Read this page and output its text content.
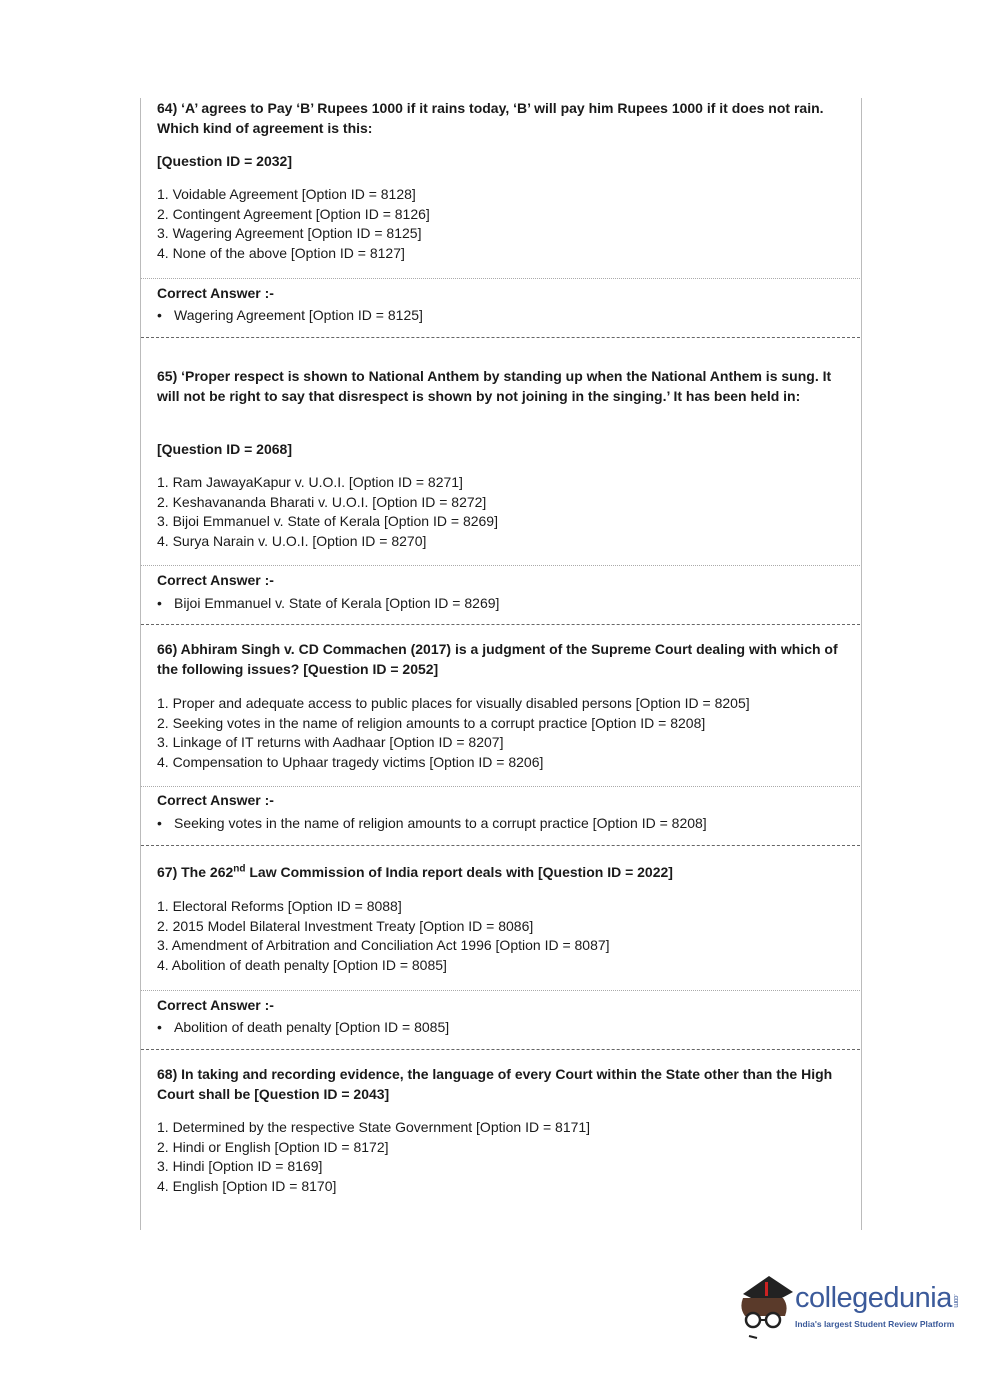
64) ‘A’ agrees to Pay ‘B’ Rupees 1000 if it rains today, ‘B’ will pay him Rupees 1000 if it does not rain. Which kind of agreement is this:
[Question ID = 2032]
1. Voidable Agreement [Option ID = 8128]
2. Contingent Agreement [Option ID = 8126]
3. Wagering Agreement [Option ID = 8125]
4. None of the above [Option ID = 8127]
Correct Answer :-
• Wagering Agreement [Option ID = 8125]
65) ‘Proper respect is shown to National Anthem by standing up when the National Anthem is sung. It will not be right to say that disrespect is shown by not joining in the singing.’ It has been held in:
[Question ID = 2068]
1. Ram JawayaKapur v. U.O.I. [Option ID = 8271]
2. Keshavananda Bharati v. U.O.I. [Option ID = 8272]
3. Bijoi Emmanuel v. State of Kerala [Option ID = 8269]
4. Surya Narain v. U.O.I. [Option ID = 8270]
Correct Answer :-
• Bijoi Emmanuel v. State of Kerala [Option ID = 8269]
66) Abhiram Singh v. CD Commachen (2017) is a judgment of the Supreme Court dealing with which of the following issues? [Question ID = 2052]
1. Proper and adequate access to public places for visually disabled persons [Option ID = 8205]
2. Seeking votes in the name of religion amounts to a corrupt practice [Option ID = 8208]
3. Linkage of IT returns with Aadhaar [Option ID = 8207]
4. Compensation to Uphaar tragedy victims [Option ID = 8206]
Correct Answer :-
• Seeking votes in the name of religion amounts to a corrupt practice [Option ID = 8208]
67) The 262nd Law Commission of India report deals with [Question ID = 2022]
1. Electoral Reforms [Option ID = 8088]
2. 2015 Model Bilateral Investment Treaty [Option ID = 8086]
3. Amendment of Arbitration and Conciliation Act 1996 [Option ID = 8087]
4. Abolition of death penalty [Option ID = 8085]
Correct Answer :-
• Abolition of death penalty [Option ID = 8085]
68) In taking and recording evidence, the language of every Court within the State other than the High Court shall be [Question ID = 2043]
1. Determined by the respective State Government [Option ID = 8171]
2. Hindi or English [Option ID = 8172]
3. Hindi [Option ID = 8169]
4. English [Option ID = 8170]
collegedunia.com
India's largest Student Review Platform
